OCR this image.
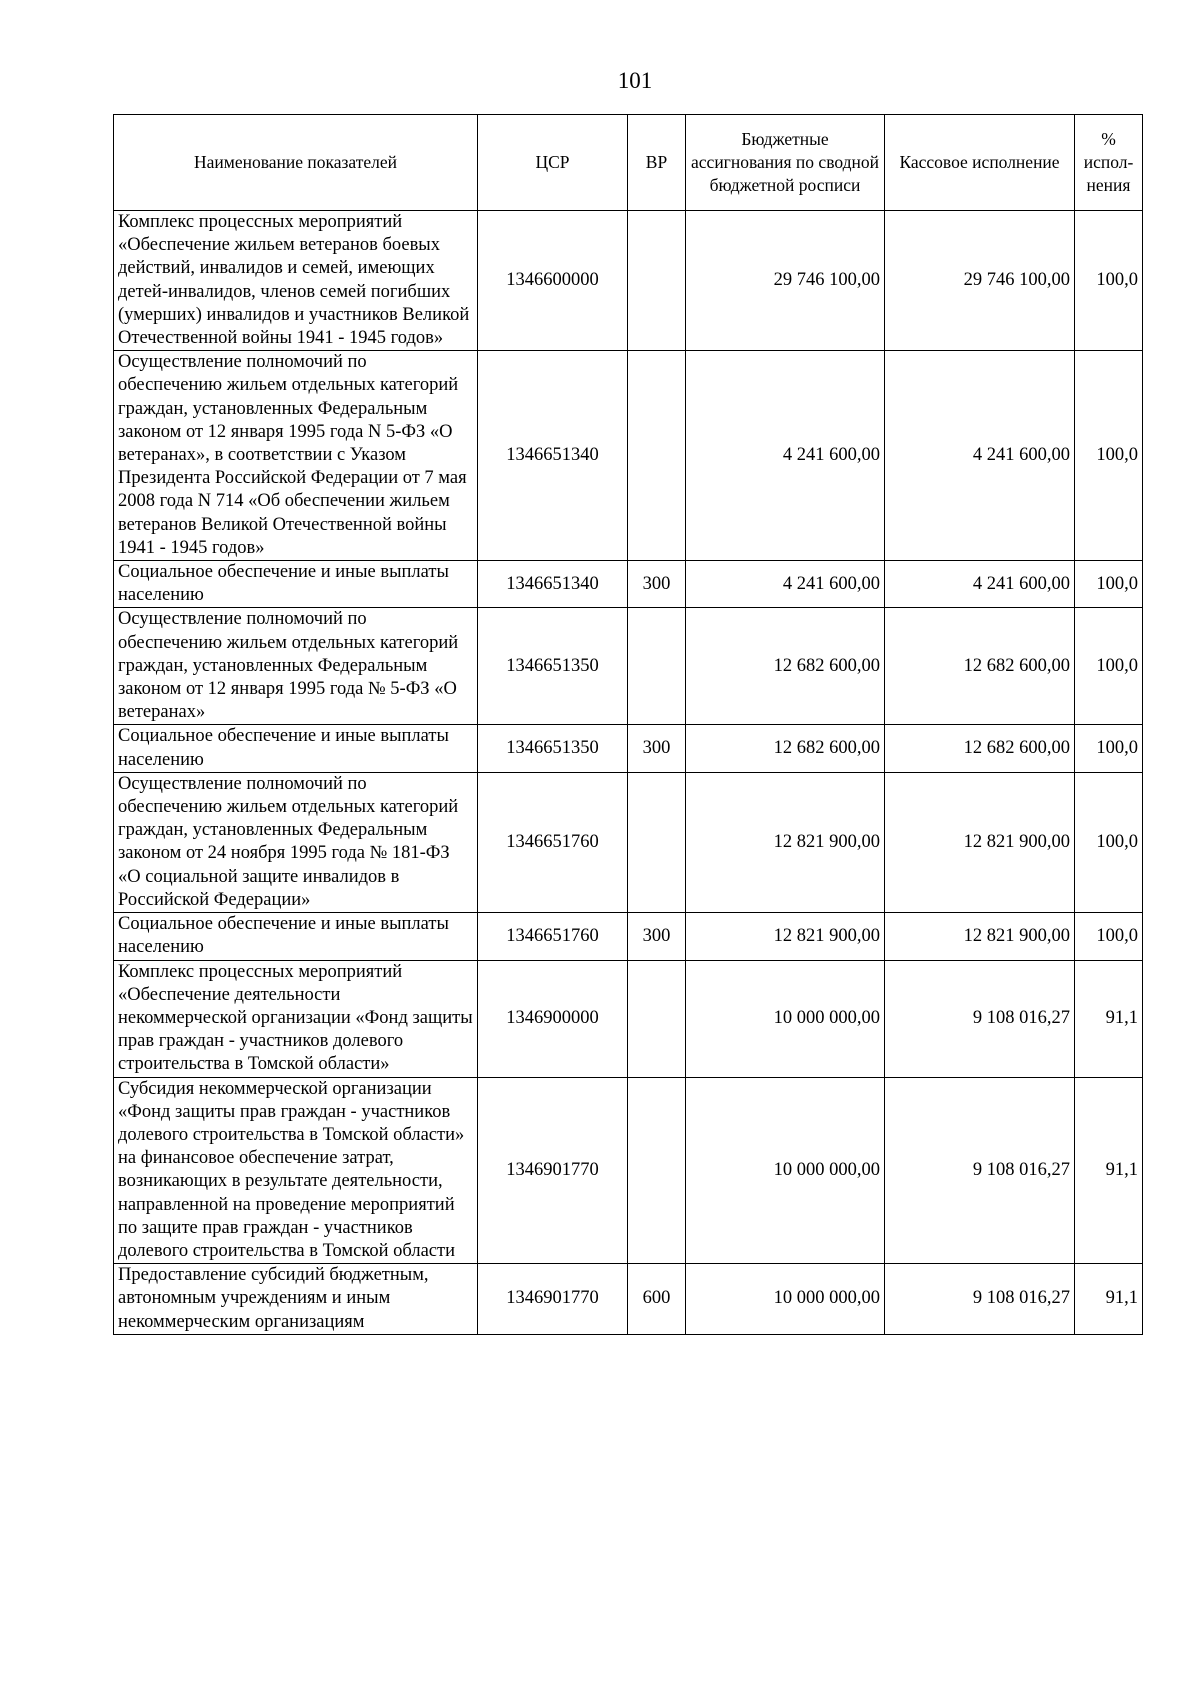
101
Наименование показателей	ЦСР	ВР	Бюджетные ассигнования по сводной бюджетной росписи	Кассовое исполнение	% испол-нения
Комплекс процессных мероприятий «Обеспечение жильем ветеранов боевых действий, инвалидов и семей, имеющих детей-инвалидов, членов семей погибших (умерших) инвалидов и участников Великой Отечественной войны 1941 - 1945 годов»	1346600000		29 746 100,00	29 746 100,00	100,0
Осуществление полномочий по обеспечению жильем отдельных категорий граждан, установленных Федеральным законом от 12 января 1995 года N 5-ФЗ «О ветеранах», в соответствии с Указом Президента Российской Федерации от 7 мая 2008 года N 714 «Об обеспечении жильем ветеранов Великой Отечественной войны 1941 - 1945 годов»	1346651340		4 241 600,00	4 241 600,00	100,0
Социальное обеспечение и иные выплаты населению	1346651340	300	4 241 600,00	4 241 600,00	100,0
Осуществление полномочий по обеспечению жильем отдельных категорий граждан, установленных Федеральным законом от 12 января 1995 года № 5-ФЗ «О ветеранах»	1346651350		12 682 600,00	12 682 600,00	100,0
Социальное обеспечение и иные выплаты населению	1346651350	300	12 682 600,00	12 682 600,00	100,0
Осуществление полномочий по обеспечению жильем отдельных категорий граждан, установленных Федеральным законом от 24 ноября 1995 года № 181-ФЗ «О социальной защите инвалидов в Российской Федерации»	1346651760		12 821 900,00	12 821 900,00	100,0
Социальное обеспечение и иные выплаты населению	1346651760	300	12 821 900,00	12 821 900,00	100,0
Комплекс процессных мероприятий «Обеспечение деятельности некоммерческой организации «Фонд защиты прав граждан - участников долевого строительства в Томской области»	1346900000		10 000 000,00	9 108 016,27	91,1
Субсидия некоммерческой организации «Фонд защиты прав граждан - участников долевого строительства в Томской области» на финансовое обеспечение затрат, возникающих в результате деятельности, направленной на проведение мероприятий по защите прав граждан - участников долевого строительства в Томской области	1346901770		10 000 000,00	9 108 016,27	91,1
Предоставление субсидий бюджетным, автономным учреждениям и иным некоммерческим организациям	1346901770	600	10 000 000,00	9 108 016,27	91,1
